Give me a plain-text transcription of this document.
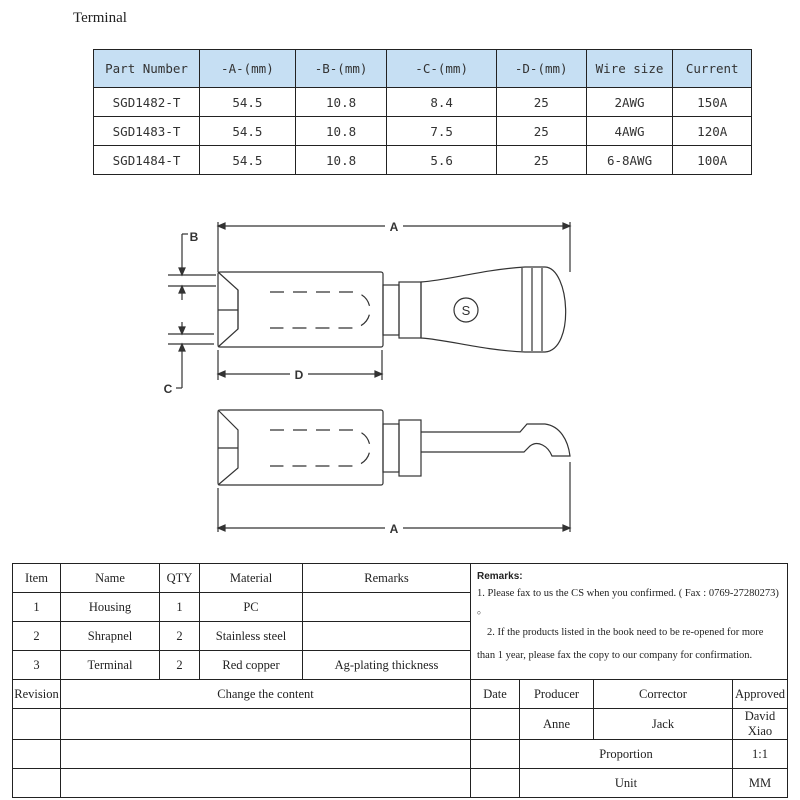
Terminal
Part Number	-A-(mm)	-B-(mm)	-C-(mm)	-D-(mm)	Wire size	Current
SGD1482-T	54.5	10.8	8.4	25	2AWG	150A
SGD1483-T	54.5	10.8	7.5	25	4AWG	120A
SGD1484-T	54.5	10.8	5.6	25	6-8AWG	100A
A
B
C
S
D
A
Item	Name	QTY	Material	Remarks	Remarks:
1. Please fax to us the CS when you confirmed. ( Fax : 0769-27280273) 。
2. If the products listed in the book need to be re-opened for more
than 1 year, please fax the copy to our company for confirmation.			

1	Housing	1	PC					
2	Shrapnel	2	Stainless steel					
3	Terminal	2	Red copper	Ag-plating thickness				
Revision	Change the content				Date	Producer	Corrector	Approved
						Anne	Jack	David Xiao
						Proportion		1:1
						Unit		MM
